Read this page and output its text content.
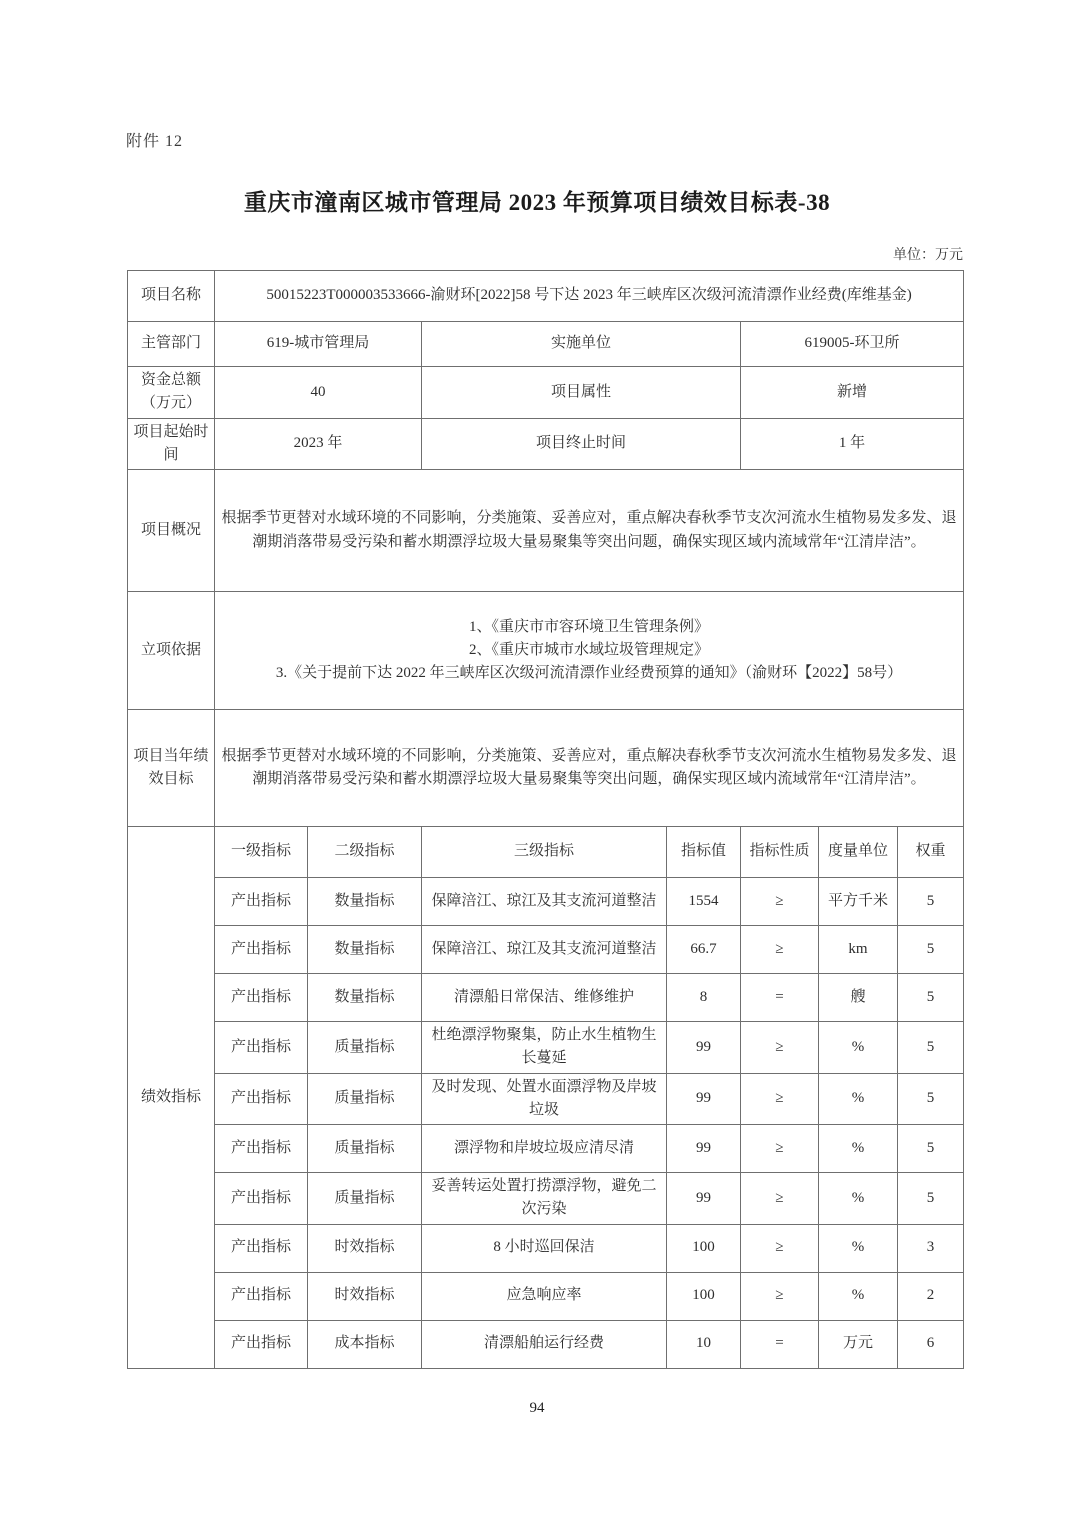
附件 12
重庆市潼南区城市管理局 2023 年预算项目绩效目标表-38
单位：万元
项目名称	50015223T000003533666-渝财环[2022]58 号下达 2023 年三峡库区次级河流清漂作业经费(库维基金)						
主管部门	619-城市管理局		实施单位		619005-环卫所		
资金总额（万元）	40		项目属性		新增		
项目起始时间	2023 年		项目终止时间		1 年		
项目概况	根据季节更替对水域环境的不同影响，分类施策、妥善应对，重点解决春秋季节支次河流水生植物易发多发、退潮期消落带易受污染和蓄水期漂浮垃圾大量易聚集等突出问题，确保实现区域内流域常年“江清岸洁”。						
立项依据	1、《重庆市市容环境卫生管理条例》
2、《重庆市城市水域垃圾管理规定》
3.《关于提前下达 2022 年三峡库区次级河流清漂作业经费预算的通知》（渝财环【2022】58号）						

项目当年绩效目标	根据季节更替对水域环境的不同影响，分类施策、妥善应对，重点解决春秋季节支次河流水生植物易发多发、退潮期消落带易受污染和蓄水期漂浮垃圾大量易聚集等突出问题，确保实现区域内流域常年“江清岸洁”。						
绩效指标	一级指标	二级指标	三级指标	指标值	指标性质	度量单位	权重
	产出指标	数量指标	保障涪江、琼江及其支流河道整洁	1554	≥	平方千米	5
	产出指标	数量指标	保障涪江、琼江及其支流河道整洁	66.7	≥	km	5
	产出指标	数量指标	清漂船日常保洁、维修维护	8	=	艘	5
	产出指标	质量指标	杜绝漂浮物聚集，防止水生植物生长蔓延	99	≥	%	5
	产出指标	质量指标	及时发现、处置水面漂浮物及岸坡垃圾	99	≥	%	5
	产出指标	质量指标	漂浮物和岸坡垃圾应清尽清	99	≥	%	5
	产出指标	质量指标	妥善转运处置打捞漂浮物，避免二次污染	99	≥	%	5
	产出指标	时效指标	8 小时巡回保洁	100	≥	%	3
	产出指标	时效指标	应急响应率	100	≥	%	2
	产出指标	成本指标	清漂船舶运行经费	10	=	万元	6
94
